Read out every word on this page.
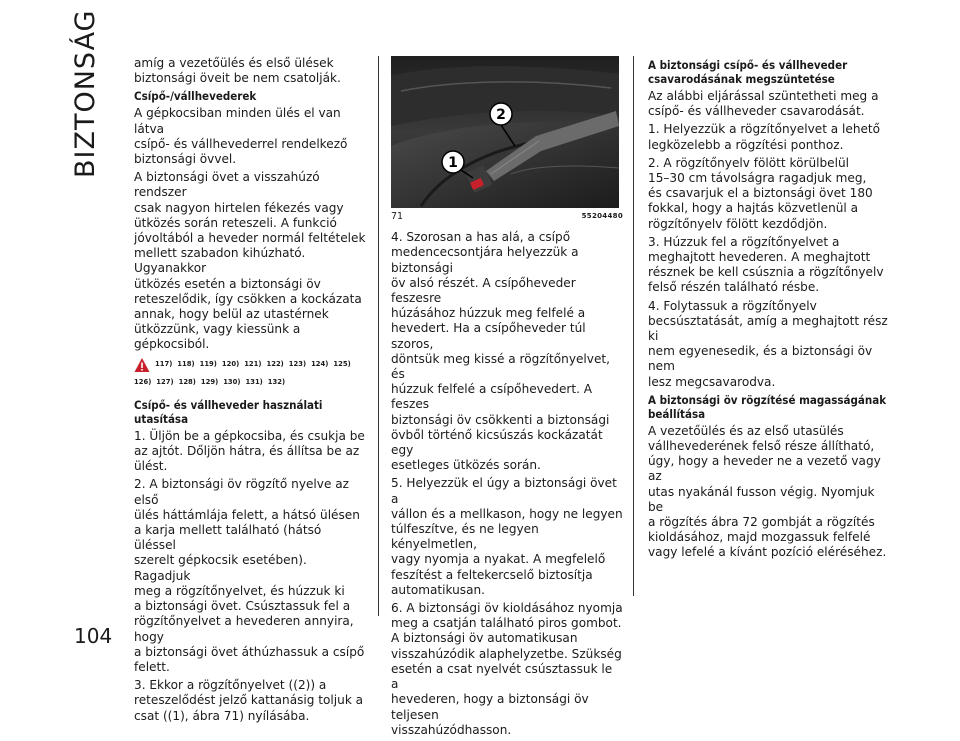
BIZTONSÁG
104

amíg a vezetőülés és első ülések
biztonsági öveit be nem csatolják.

Csípő-/vállhevederek

A gépkocsiban minden ülés el van látva
csípő- és vállhevederrel rendelkező
biztonsági övvel.

A biztonsági övet a visszahúzó rendszer
csak nagyon hirtelen fékezés vagy
ütközés során reteszeli. A funkció
jóvoltából a heveder normál feltételek
mellett szabadon kihúzható. Ugyanakkor
ütközés esetén a biztonsági öv
reteszelődik, így csökken a kockázata
annak, hogy belül az utastérnek
ütközzünk, vagy kiessünk a gépkocsiból.

117) 118) 119) 120) 121) 122) 123) 124) 125)
126) 127) 128) 129) 130) 131) 132)
Csípő- és vállheveder használati utasítása

1. Üljön be a gépkocsiba, és csukja be
az ajtót. Dőljön hátra, és állítsa be az
ülést.

2. A biztonsági öv rögzítő nyelve az első
ülés háttámlája felett, a hátsó ülésen
a karja mellett található (hátsó üléssel
szerelt gépkocsik esetében). Ragadjuk
meg a rögzítőnyelvet, és húzzuk ki
a biztonsági övet. Csúsztassuk fel a
rögzítőnyelvet a hevederen annyira, hogy
a biztonsági övet áthúzhassuk a csípő
felett.

3. Ekkor a rögzítőnyelvet ((2)) a
reteszelődést jelző kattanásig toljuk a
csat ((1), ábra 71) nyílásába.

2
1
71	55204480

4. Szorosan a has alá, a csípő
medencecsontjára helyezzük a biztonsági
öv alsó részét. A csípőheveder feszesre
húzásához húzzuk meg felfelé a
hevedert. Ha a csípőheveder túl szoros,
döntsük meg kissé a rögzítőnyelvet, és
húzzuk felfelé a csípőhevedert. A feszes
biztonsági öv csökkenti a biztonsági
övből történő kicsúszás kockázatát egy
esetleges ütközés során.

5. Helyezzük el úgy a biztonsági övet a
vállon és a mellkason, hogy ne legyen
túlfeszítve, és ne legyen kényelmetlen,
vagy nyomja a nyakat. A megfelelő
feszítést a feltekercselő biztosítja
automatikusan.

6. A biztonsági öv kioldásához nyomja
meg a csatján található piros gombot.
A biztonsági öv automatikusan
visszahúzódik alaphelyzetbe. Szükség
esetén a csat nyelvét csúsztassuk le a
hevederen, hogy a biztonsági öv teljesen
visszahúzódhasson.

A biztonsági csípő- és vállheveder
csavarodásának megszüntetése

Az alábbi eljárással szüntetheti meg a
csípő- és vállheveder csavarodását.

1. Helyezzük a rögzítőnyelvet a lehető
legközelebb a rögzítési ponthoz.

2. A rögzítőnyelv fölött körülbelül
15–30 cm távolságra ragadjuk meg,
és csavarjuk el a biztonsági övet 180
fokkal, hogy a hajtás közvetlenül a
rögzítőnyelv fölött kezdődjön.

3. Húzzuk fel a rögzítőnyelvet a
meghajtott hevederen. A meghajtott
résznek be kell csúsznia a rögzítőnyelv
felső részén található résbe.

4. Folytassuk a rögzítőnyelv
becsúsztatását, amíg a meghajtott rész ki
nem egyenesedik, és a biztonsági öv nem
lesz megcsavarodva.

A biztonsági öv rögzítésé magasságának
beállítása

A vezetőülés és az első utasülés
vállhevederének felső része állítható,
úgy, hogy a heveder ne a vezető vagy az
utas nyakánál fusson végig. Nyomjuk be
a rögzítés ábra 72 gombját a rögzítés
kioldásához, majd mozgassuk felfelé
vagy lefelé a kívánt pozíció eléréséhez.
